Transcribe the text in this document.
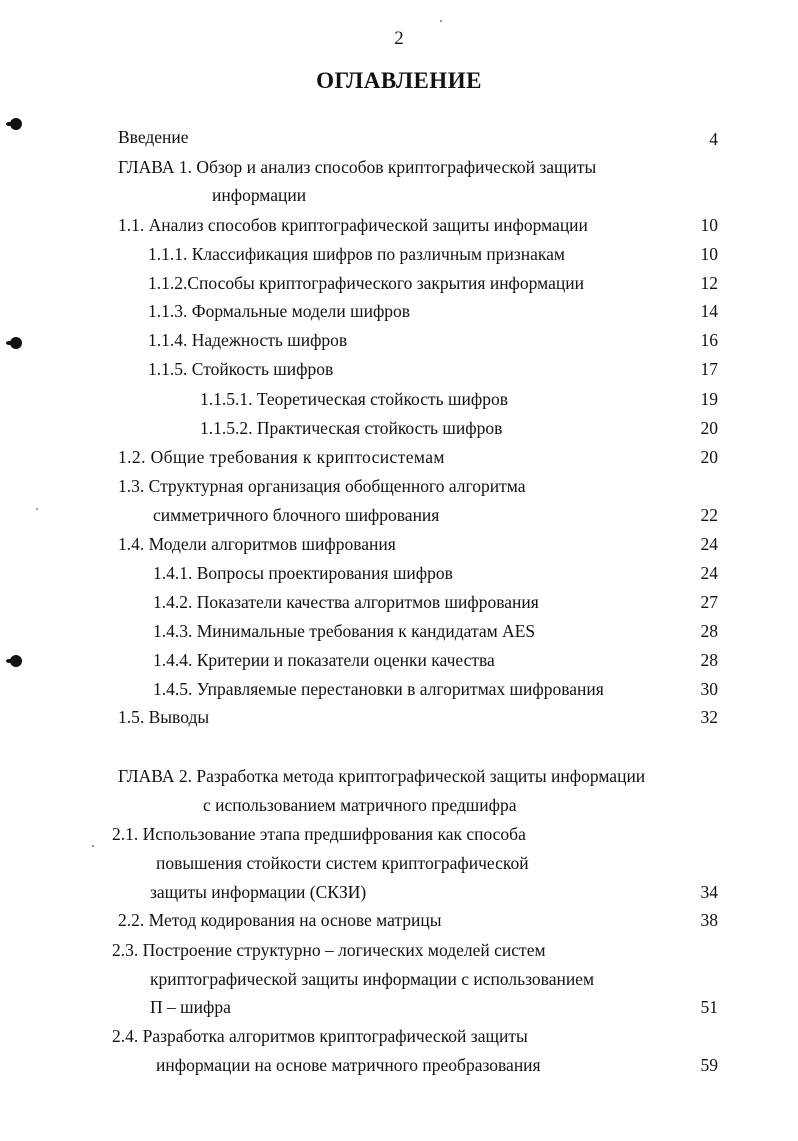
2
ОГЛАВЛЕНИЕ
Введение	4
ГЛАВА 1. Обзор и анализ способов криптографической защиты
информации
1.1. Анализ способов криптографической защиты информации	10
1.1.1. Классификация шифров по различным признакам	10
1.1.2.Способы криптографического закрытия информации	12
1.1.3. Формальные модели шифров	14
1.1.4. Надежность шифров	16
1.1.5. Стойкость шифров	17
1.1.5.1. Теоретическая стойкость шифров	19
1.1.5.2. Практическая стойкость шифров	20
1.2. Общие требования к криптосистемам	20
1.3. Структурная организация обобщенного алгоритма
симметричного блочного шифрования	22
1.4. Модели алгоритмов шифрования	24
1.4.1. Вопросы проектирования шифров	24
1.4.2. Показатели качества алгоритмов шифрования	27
1.4.3. Минимальные требования к кандидатам AES	28
1.4.4. Критерии и показатели оценки качества	28
1.4.5. Управляемые перестановки в алгоритмах шифрования	30
1.5. Выводы	32
ГЛАВА 2. Разработка метода криптографической защиты информации
с использованием матричного предшифра
2.1. Использование этапа предшифрования как способа
повышения стойкости систем криптографической
защиты информации (СКЗИ)	34
2.2. Метод кодирования на основе матрицы	38
2.3. Построение структурно – логических моделей систем
криптографической защиты информации с использованием
П – шифра	51
2.4. Разработка алгоритмов криптографической защиты
информации на основе матричного преобразования	59
